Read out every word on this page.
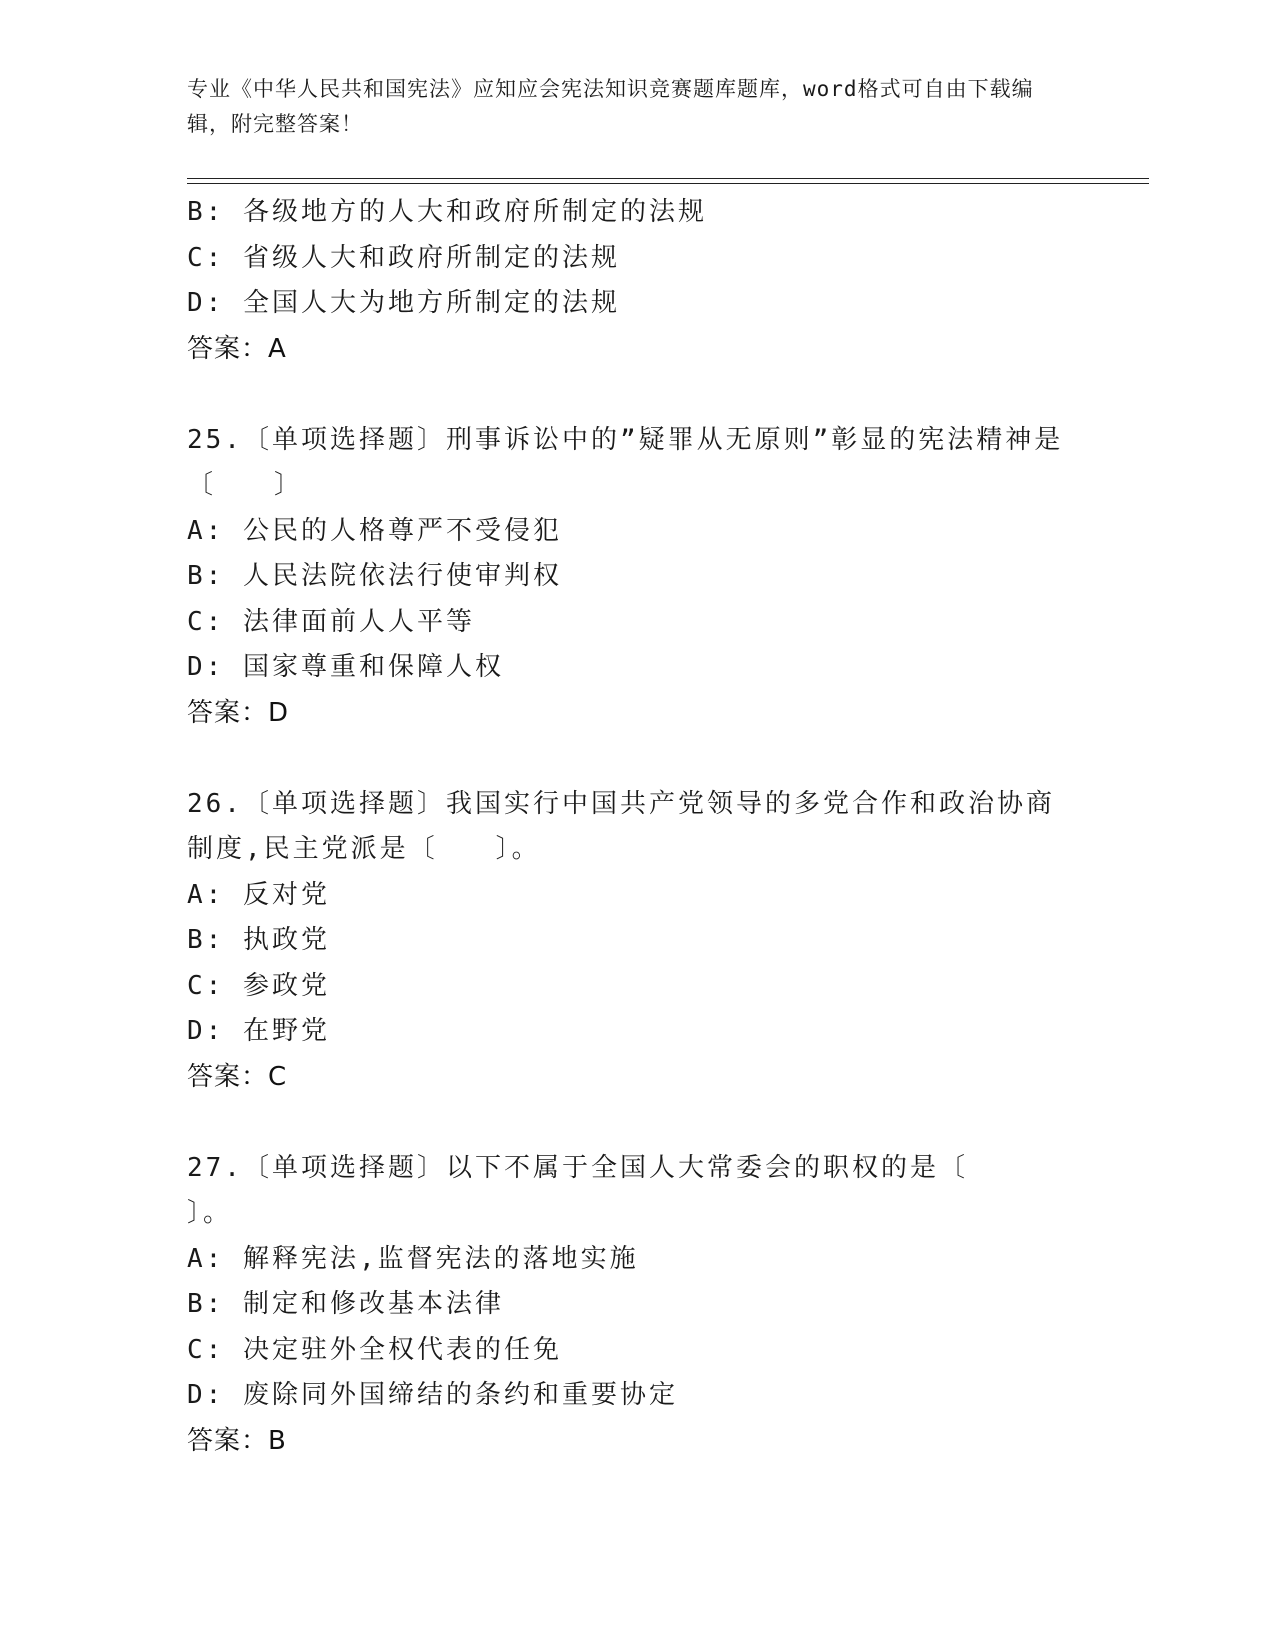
专业《中华人民共和国宪法》应知应会宪法知识竞赛题库题库，word格式可自由下载编辑，附完整答案！
B: 各级地方的人大和政府所制定的法规
C: 省级人大和政府所制定的法规
D: 全国人大为地方所制定的法规
答案：A
25.〔单项选择题〕刑事诉讼中的”疑罪从无原则”彰显的宪法精神是〔　　〕
A: 公民的人格尊严不受侵犯
B: 人民法院依法行使审判权
C: 法律面前人人平等
D: 国家尊重和保障人权
答案：D
26.〔单项选择题〕我国实行中国共产党领导的多党合作和政治协商制度,民主党派是〔　　〕。
A: 反对党
B: 执政党
C: 参政党
D: 在野党
答案：C
27.〔单项选择题〕以下不属于全国人大常委会的职权的是〔　　〕。
A: 解释宪法,监督宪法的落地实施
B: 制定和修改基本法律
C: 决定驻外全权代表的任免
D: 废除同外国缔结的条约和重要协定
答案：B
